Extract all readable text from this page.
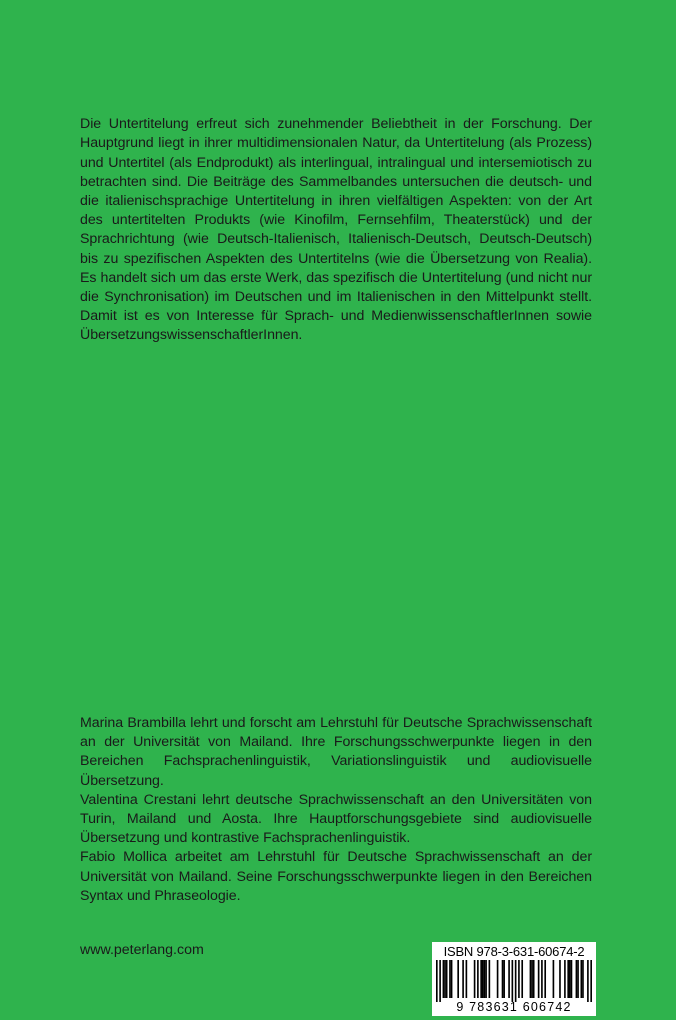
Die Untertitelung erfreut sich zunehmender Beliebtheit in der Forschung. Der Hauptgrund liegt in ihrer multidimensionalen Natur, da Untertitelung (als Prozess) und Untertitel (als Endprodukt) als interlingual, intralingual und intersemiotisch zu betrachten sind. Die Beiträge des Sammelbandes untersuchen die deutsch- und die italienischsprachige Untertitelung in ihren vielfältigen Aspekten: von der Art des untertitelten Produkts (wie Kinofilm, Fernsehfilm, Theaterstück) und der Sprachrichtung (wie Deutsch-Italienisch, Italienisch-Deutsch, Deutsch-Deutsch) bis zu spezifischen Aspekten des Untertitelns (wie die Übersetzung von Realia). Es handelt sich um das erste Werk, das spezifisch die Untertitelung (und nicht nur die Synchronisation) im Deutschen und im Italienischen in den Mittelpunkt stellt. Damit ist es von Interesse für Sprach- und MedienwissenschaftlerInnen sowie ÜbersetzungswissenschaftlerInnen.

Marina Brambilla lehrt und forscht am Lehrstuhl für Deutsche Sprachwissenschaft an der Universität von Mailand. Ihre Forschungsschwerpunkte liegen in den Bereichen Fachsprachenlinguistik, Variationslinguistik und audiovisuelle Übersetzung.
Valentina Crestani lehrt deutsche Sprachwissenschaft an den Universitäten von Turin, Mailand und Aosta. Ihre Hauptforschungsgebiete sind audiovisuelle Übersetzung und kontrastive Fachsprachenlinguistik.
Fabio Mollica arbeitet am Lehrstuhl für Deutsche Sprachwissenschaft an der Universität von Mailand. Seine Forschungsschwerpunkte liegen in den Bereichen Syntax und Phraseologie.
www.peterlang.com	ISBN 978-3-631-60674-2
9 783631 606742
